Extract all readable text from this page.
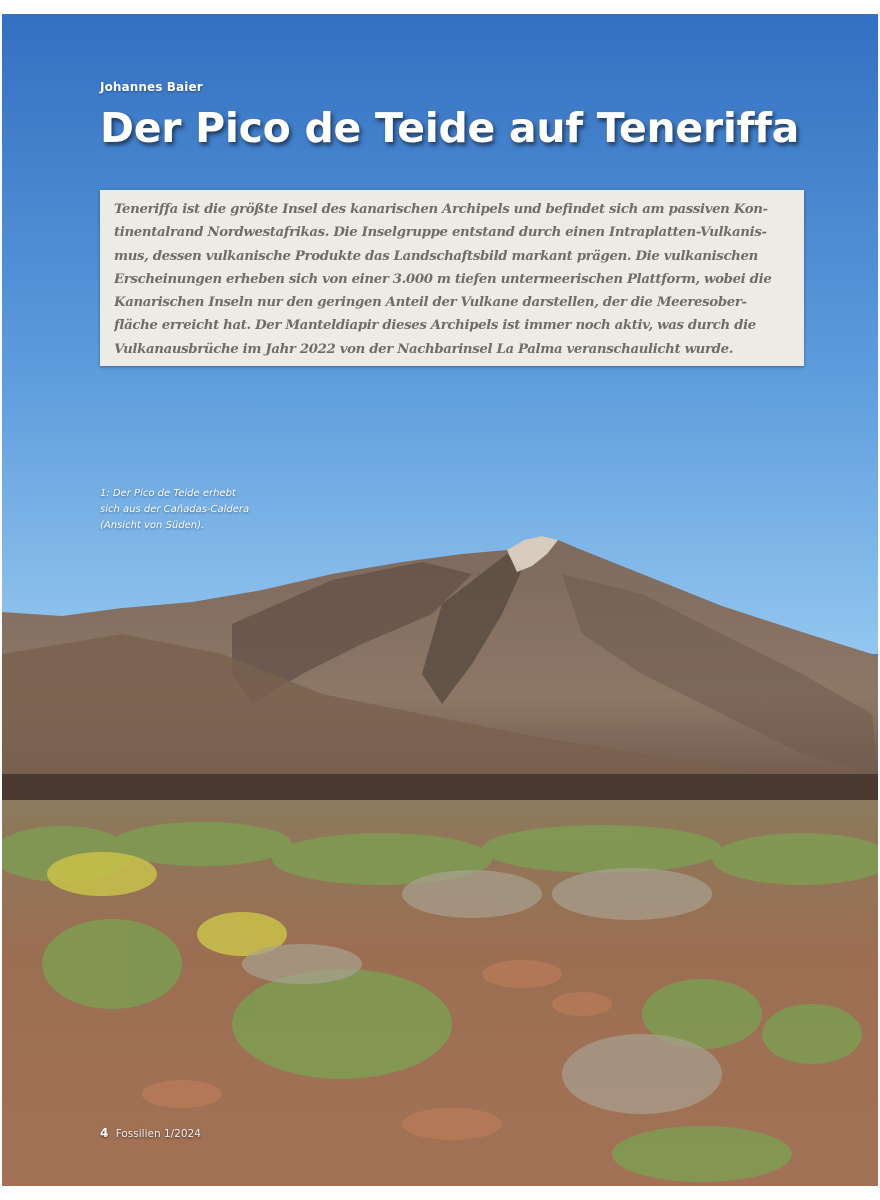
Johannes Baier
Der Pico de Teide auf Teneriffa
Teneriffa ist die größte Insel des kanarischen Archipels und befindet sich am passiven Kon-
tinentalrand Nordwestafrikas. Die Inselgruppe entstand durch einen Intraplatten-Vulkanis-
mus, dessen vulkanische Produkte das Landschaftsbild markant prägen. Die vulkanischen
Erscheinungen erheben sich von einer 3.000 m tiefen untermeerischen Plattform, wobei die
Kanarischen Inseln nur den geringen Anteil der Vulkane darstellen, der die Meeresober-
fläche erreicht hat. Der Manteldiapir dieses Archipels ist immer noch aktiv, was durch die
Vulkanausbrüche im Jahr 2022 von der Nachbarinsel La Palma veranschaulicht wurde.
1: Der Pico de Teide erhebt
sich aus der Cañadas-Caldera
(Ansicht von Süden).
4 Fossilien 1/2024
